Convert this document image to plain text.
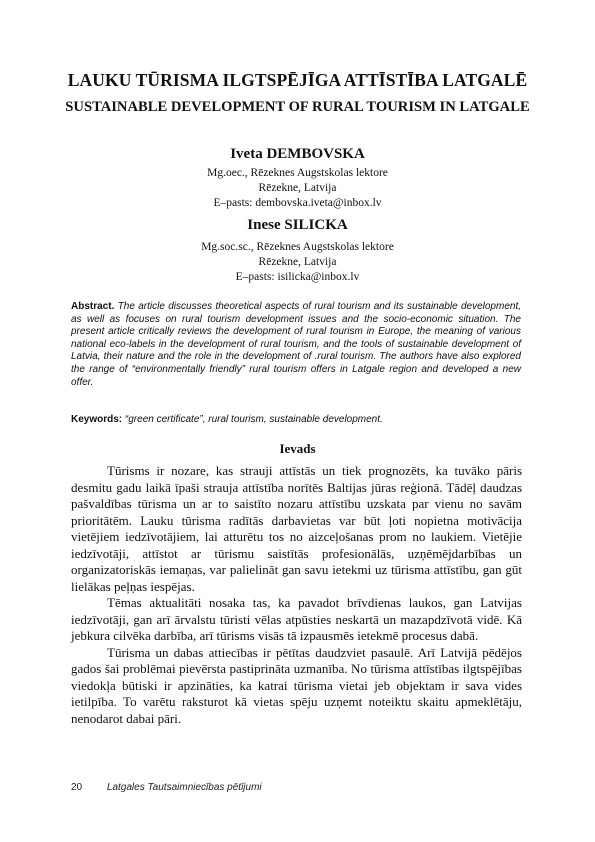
LAUKU TŪRISMA ILGTSPĒJĪGA ATTĪSTĪBA LATGALĒ
SUSTAINABLE DEVELOPMENT OF RURAL TOURISM IN LATGALE
Iveta DEMBOVSKA
Mg.oec., Rēzeknes Augstskolas lektore
Rēzekne, Latvija
E–pasts: dembovska.iveta@inbox.lv
Inese SILICKA
Mg.soc.sc., Rēzeknes Augstskolas lektore
Rēzekne, Latvija
E–pasts: isilicka@inbox.lv
Abstract. The article discusses theoretical aspects of rural tourism and its sustainable development, as well as focuses on rural tourism development issues and the socio-economic situation. The present article critically reviews the development of rural tourism in Europe, the meaning of various national eco-labels in the development of rural tourism, and the tools of sustainable development of Latvia, their nature and the role in the development of .rural tourism. The authors have also explored the range of “environmentally friendly” rural tourism offers in Latgale region and developed a new offer.
Keywords: “green certificate”, rural tourism, sustainable development.
Ievads

Tūrisms ir nozare, kas strauji attīstās un tiek prognozēts, ka tuvāko pāris desmitu gadu laikā īpaši strauja attīstība norītēs Baltijas jūras reģionā. Tādēļ daudzas pašvaldības tūrisma un ar to saistīto nozaru attīstību uzskata par vienu no savām prioritātēm. Lauku tūrisma radītās darbavietas var būt ļoti nopietna motivācija vietējiem iedzīvotājiem, lai atturētu tos no aizceļošanas prom no laukiem. Vietējie iedzīvotāji, attīstot ar tūrismu saistītās profesionālās, uzņēmējdarbības un organizatoriskās iemaņas, var palielināt gan savu ietekmi uz tūrisma attīstību, gan gūt lielākas peļņas iespējas.

Tēmas aktualitāti nosaka tas, ka pavadot brīvdienas laukos, gan Latvijas iedzīvotāji, gan arī ārvalstu tūristi vēlas atpūsties neskartā un mazapdzīvotā vidē. Kā jebkura cilvēka darbība, arī tūrisms visās tā izpausmēs ietekmē procesus dabā.

Tūrisma un dabas attiecības ir pētītas daudzviet pasaulē. Arī Latvijā pēdējos gados šai problēmai pievērsta pastiprināta uzmanība. No tūrisma attīstības ilgtspējības viedokļa būtiski ir apzināties, ka katrai tūrisma vietai jeb objektam ir sava vides ietilpība. To varētu raksturot kā vietas spēju uzņemt noteiktu skaitu apmeklētāju, nenodarot dabai pāri.

20 Latgales Tautsaimniecības pētījumi
